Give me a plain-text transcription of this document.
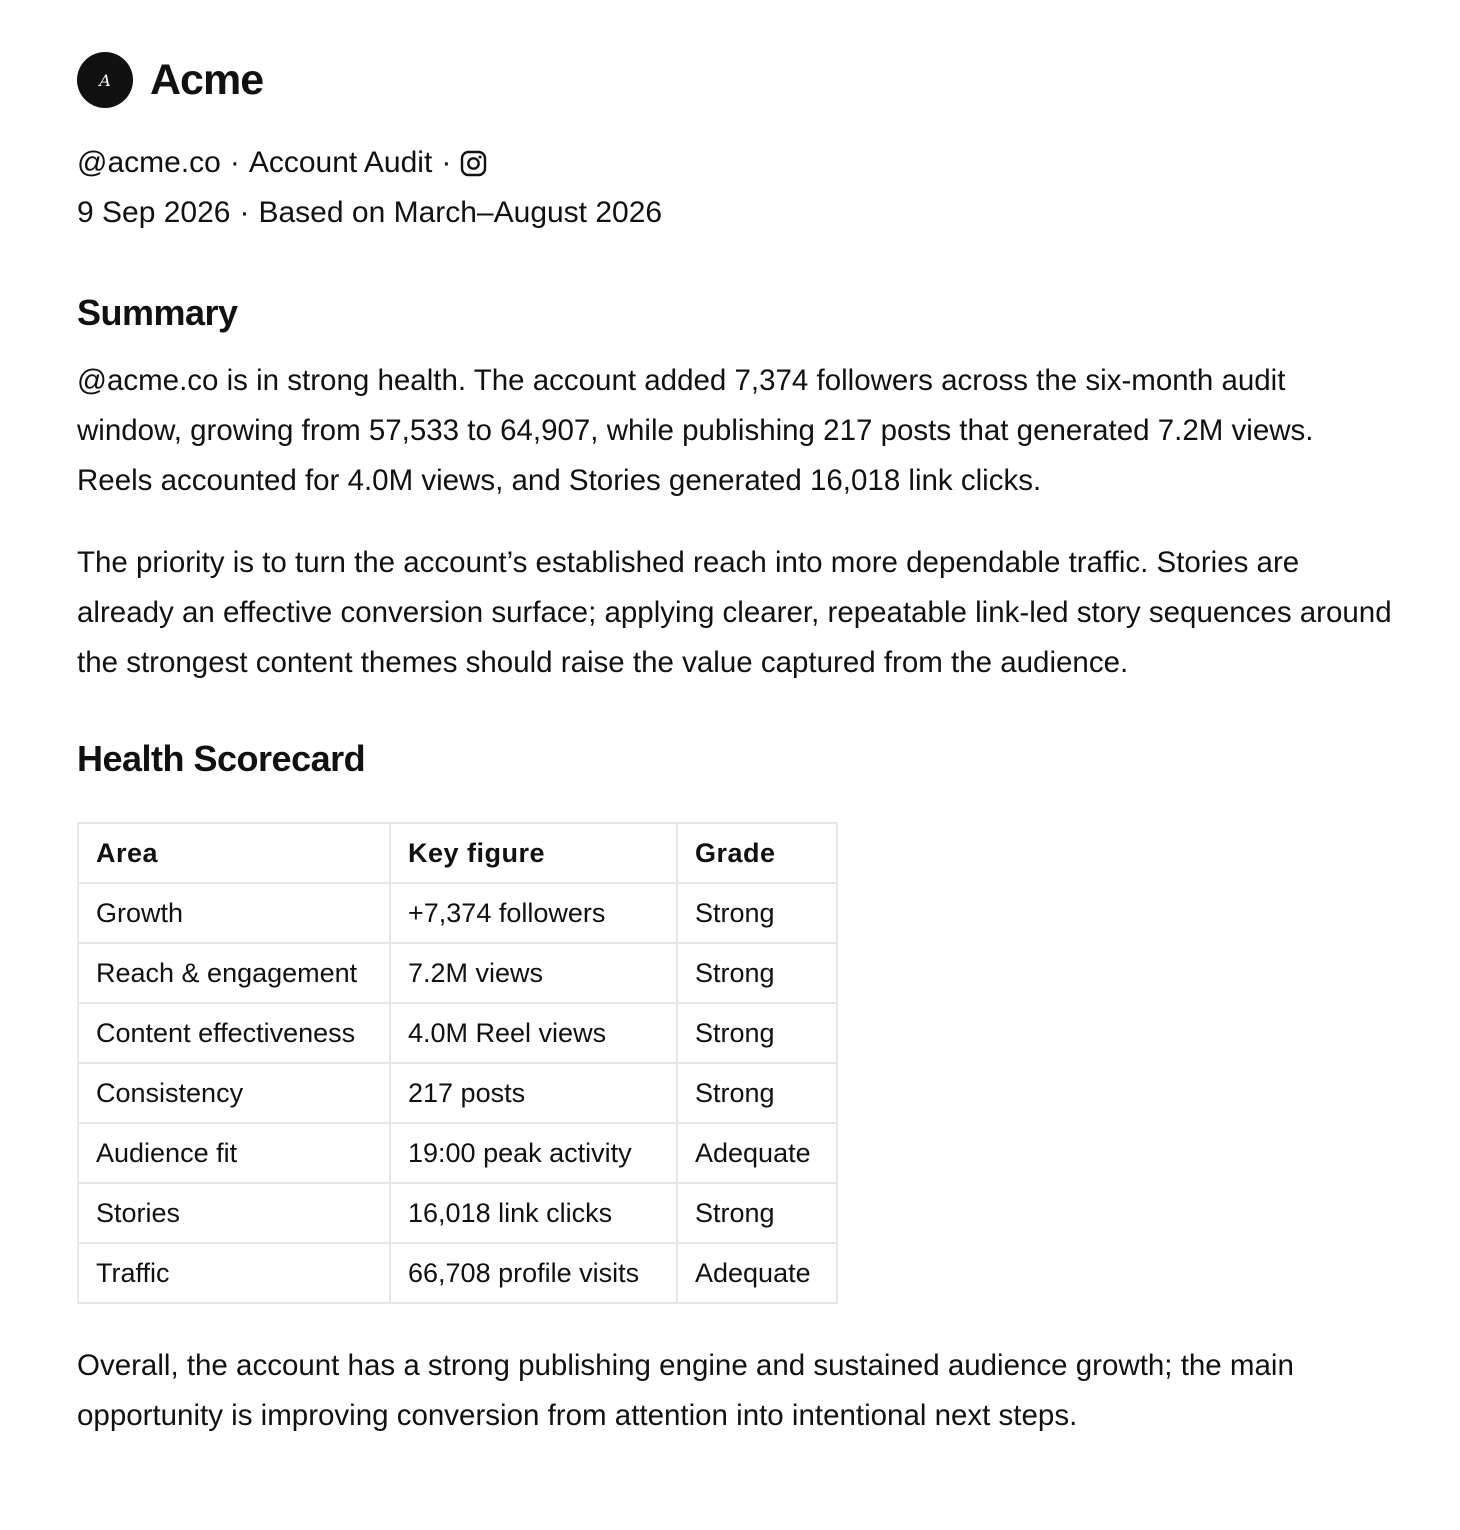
A Acme
@acme.co · Account Audit ·
9 Sep 2026 · Based on March–August 2026
Summary

@acme.co is in strong health. The account added 7,374 followers across the six-month audit window, growing from 57,533 to 64,907, while publishing 217 posts that generated 7.2M views. Reels accounted for 4.0M views, and Stories generated 16,018 link clicks.

The priority is to turn the account’s established reach into more dependable traffic. Stories are already an effective conversion surface; applying clearer, repeatable link-led story sequences around the strongest content themes should raise the value captured from the audience.

Health Scorecard
Area	Key figure	Grade
Growth	+7,374 followers	Strong
Reach & engagement	7.2M views	Strong
Content effectiveness	4.0M Reel views	Strong
Consistency	217 posts	Strong
Audience fit	19:00 peak activity	Adequate
Stories	16,018 link clicks	Strong
Traffic	66,708 profile visits	Adequate

Overall, the account has a strong publishing engine and sustained audience growth; the main opportunity is improving conversion from attention into intentional next steps.
